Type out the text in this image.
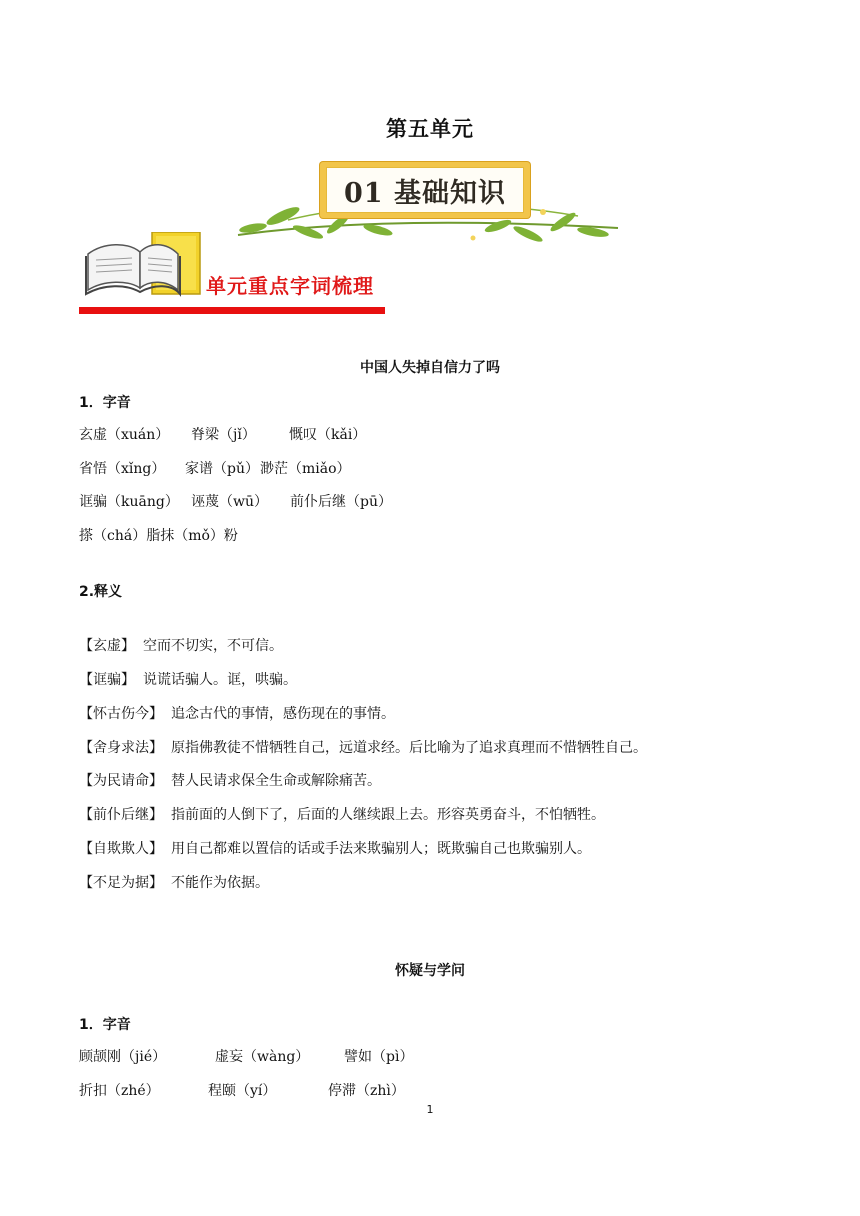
第五单元
01 基础知识
单元重点字词梳理
中国人失掉自信力了吗
1．字音
玄虚（xuán） 脊梁（jǐ） 慨叹（kǎi）
省悟（xǐng） 家谱（pǔ）渺茫（miǎo）
诓骗（kuāng） 诬蔑（wū） 前仆后继（pū）
搽（chá）脂抹（mǒ）粉
2.释义
【玄虚】 空而不切实，不可信。
【诓骗】 说谎话骗人。诓，哄骗。
【怀古伤今】 追念古代的事情，感伤现在的事情。
【舍身求法】 原指佛教徒不惜牺牲自己，远道求经。后比喻为了追求真理而不惜牺牲自己。
【为民请命】 替人民请求保全生命或解除痛苦。
【前仆后继】 指前面的人倒下了，后面的人继续跟上去。形容英勇奋斗，不怕牺牲。
【自欺欺人】 用自己都难以置信的话或手法来欺骗别人；既欺骗自己也欺骗别人。
【不足为据】 不能作为依据。
怀疑与学问
1．字音
顾颉刚（jié）	虚妄（wàng） 譬如（pì）
折扣（zhé）	程颐（yí）	停滞（zhì）
1
